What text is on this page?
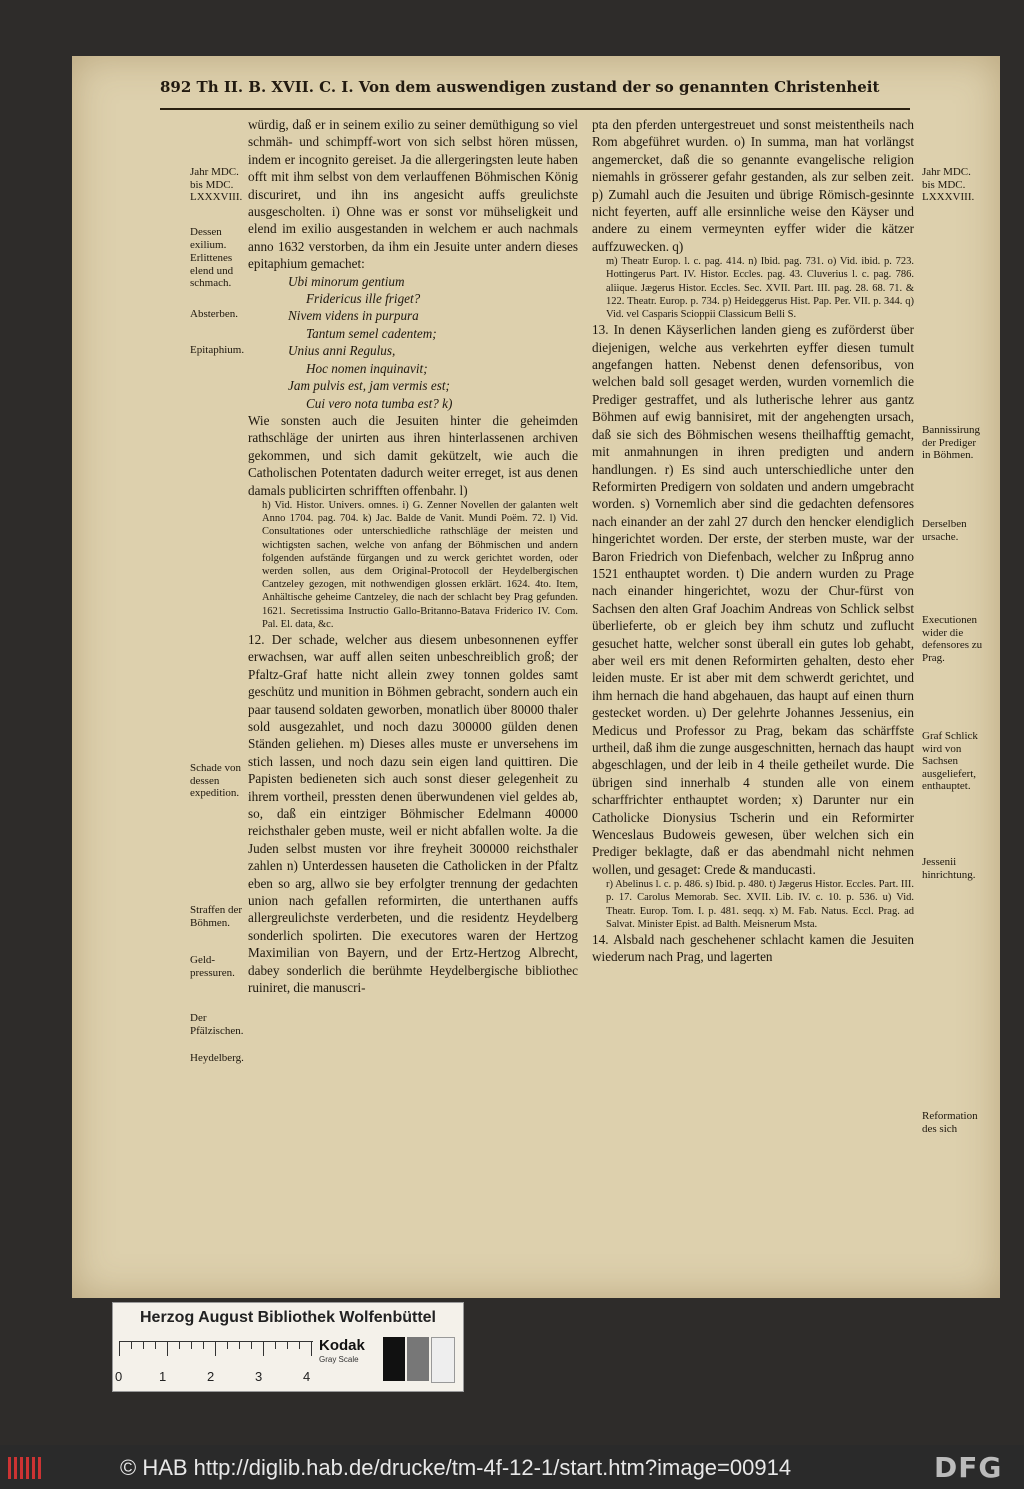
892 Th II. B. XVII. C. I. Von dem auswendigen zustand der so genannten Christenheit
Jahr MDC. bis MDC. LXXXVIII.
Dessen exilium.
Erlittenes elend und schmach.
Absterben.
Epitaphium.
Schade von dessen expedition.
Straffen der Böhmen.
Geld-pressuren.
Der Pfälzischen.
Heydelberg.
Jahr MDC. bis MDC. LXXXVIII.
Bannissirung der Prediger in Böhmen.
Derselben ursache.
Executionen wider die defensores zu Prag.
Graf Schlick wird von Sachsen ausgeliefert, enthauptet.
Jessenii hinrichtung.
Reformation des sich

würdig, daß er in seinem exilio zu seiner demüthigung so viel schmäh- und schimpff-wort von sich selbst hören müssen, indem er incognito gereiset. Ja die allergeringsten leute haben offt mit ihm selbst von dem verlauffenen Böhmischen König discuriret, und ihn ins angesicht auffs greulichste ausgescholten. i) Ohne was er sonst vor mühseligkeit und elend im exilio ausgestanden in welchem er auch nachmals anno 1632 verstorben, da ihm ein Jesuite unter andern dieses epitaphium gemachet:

Ubi minorum gentium

Fridericus ille friget?

Nivem videns in purpura

Tantum semel cadentem;

Unius anni Regulus,

Hoc nomen inquinavit;

Jam pulvis est, jam vermis est;

Cui vero nota tumba est? k)

Wie sonsten auch die Jesuiten hinter die geheimden rathschläge der unirten aus ihren hinterlassenen archiven gekommen, und sich damit gekützelt, wie auch die Catholischen Potentaten dadurch weiter erreget, ist aus denen damals publicirten schrifften offenbahr. l)

h) Vid. Histor. Univers. omnes. i) G. Zenner Novellen der galanten welt Anno 1704. pag. 704. k) Jac. Balde de Vanit. Mundi Poëm. 72. l) Vid. Consultationes oder unterschiedliche rathschläge der meisten und wichtigsten sachen, welche von anfang der Böhmischen und andern folgenden aufstände fürgangen und zu werck gerichtet worden, oder werden sollen, aus dem Original-Protocoll der Heydelbergischen Cantzeley gezogen, mit nothwendigen glossen erklärt. 1624. 4to. Item, Anhältische geheime Cantzeley, die nach der schlacht bey Prag gefunden. 1621. Secretissima Instructio Gallo-Britanno-Batava Friderico IV. Com. Pal. El. data, &c.

12. Der schade, welcher aus diesem unbesonnenen eyffer erwachsen, war auff allen seiten unbeschreiblich groß; der Pfaltz-Graf hatte nicht allein zwey tonnen goldes samt geschütz und munition in Böhmen gebracht, sondern auch ein paar tausend soldaten geworben, monatlich über 80000 thaler sold ausgezahlet, und noch dazu 300000 gülden denen Ständen geliehen. m) Dieses alles muste er unversehens im stich lassen, und noch dazu sein eigen land quittiren. Die Papisten bedieneten sich auch sonst dieser gelegenheit zu ihrem vortheil, pressten denen überwundenen viel geldes ab, so, daß ein eintziger Böhmischer Edelmann 40000 reichsthaler geben muste, weil er nicht abfallen wolte. Ja die Juden selbst musten vor ihre freyheit 300000 reichsthaler zahlen n) Unterdessen hauseten die Catholicken in der Pfaltz eben so arg, allwo sie bey erfolgter trennung der gedachten union nach gefallen reformirten, die unterthanen auffs allergreulichste verderbeten, und die residentz Heydelberg sonderlich spolirten. Die executores waren der Hertzog Maximilian von Bayern, und der Ertz-Hertzog Albrecht, dabey sonderlich die berühmte Heydelbergische bibliothec ruiniret, die manuscri-

pta den pferden untergestreuet und sonst meistentheils nach Rom abgeführet wurden. o) In summa, man hat vorlängst angemercket, daß die so genannte evangelische religion niemahls in grösserer gefahr gestanden, als zur selben zeit. p) Zumahl auch die Jesuiten und übrige Römisch-gesinnte nicht feyerten, auff alle ersinnliche weise den Käyser und andere zu einem vermeynten eyffer wider die kätzer auffzuwecken. q)

m) Theatr Europ. l. c. pag. 414. n) Ibid. pag. 731. o) Vid. ibid. p. 723. Hottingerus Part. IV. Histor. Eccles. pag. 43. Cluverius l. c. pag. 786. aliique. Jægerus Histor. Eccles. Sec. XVII. Part. III. pag. 28. 68. 71. & 122. Theatr. Europ. p. 734. p) Heideggerus Hist. Pap. Per. VII. p. 344. q) Vid. vel Casparis Scioppii Classicum Belli S.

13. In denen Käyserlichen landen gieng es zuförderst über diejenigen, welche aus verkehrten eyffer diesen tumult angefangen hatten. Nebenst denen defensoribus, von welchen bald soll gesaget werden, wurden vornemlich die Prediger gestraffet, und als lutherische lehrer aus gantz Böhmen auf ewig bannisiret, mit der angehengten ursach, daß sie sich des Böhmischen wesens theilhafftig gemacht, mit anmahnungen in ihren predigten und andern handlungen. r) Es sind auch unterschiedliche unter den Reformirten Predigern von soldaten und andern umgebracht worden. s) Vornemlich aber sind die gedachten defensores nach einander an der zahl 27 durch den hencker elendiglich hingerichtet worden. Der erste, der sterben muste, war der Baron Friedrich von Diefenbach, welcher zu Inßprug anno 1521 enthauptet worden. t) Die andern wurden zu Prage nach einander hingerichtet, wozu der Chur-fürst von Sachsen den alten Graf Joachim Andreas von Schlick selbst überlieferte, ob er gleich bey ihm schutz und zuflucht gesuchet hatte, welcher sonst überall ein gutes lob gehabt, aber weil ers mit denen Reformirten gehalten, desto eher leiden muste. Er ist aber mit dem schwerdt gerichtet, und ihm hernach die hand abgehauen, das haupt auf einen thurn gestecket worden. u) Der gelehrte Johannes Jessenius, ein Medicus und Professor zu Prag, bekam das schärffste urtheil, daß ihm die zunge ausgeschnitten, hernach das haupt abgeschlagen, und der leib in 4 theile getheilet wurde. Die übrigen sind innerhalb 4 stunden alle von einem scharffrichter enthauptet worden; x) Darunter nur ein Catholicke Dionysius Tscherin und ein Reformirter Wenceslaus Budoweis gewesen, über welchen sich ein Prediger beklagte, daß er das abendmahl nicht nehmen wollen, und gesaget: Crede & manducasti.

r) Abelinus l. c. p. 486. s) Ibid. p. 480. t) Jægerus Histor. Eccles. Part. III. p. 17. Carolus Memorab. Sec. XVII. Lib. IV. c. 10. p. 536. u) Vid. Theatr. Europ. Tom. I. p. 481. seqq. x) M. Fab. Natus. Eccl. Prag. ad Salvat. Minister Epist. ad Balth. Meisnerum Msta.

14. Alsbald nach geschehener schlacht kamen die Jesuiten wiederum nach Prag, und lagerten

Herzog August Bibliothek Wolfenbüttel
0	1	2	3	4
Kodak
Gray Scale
© HAB http://diglib.hab.de/drucke/tm-4f-12-1/start.htm?image=00914	DFG
